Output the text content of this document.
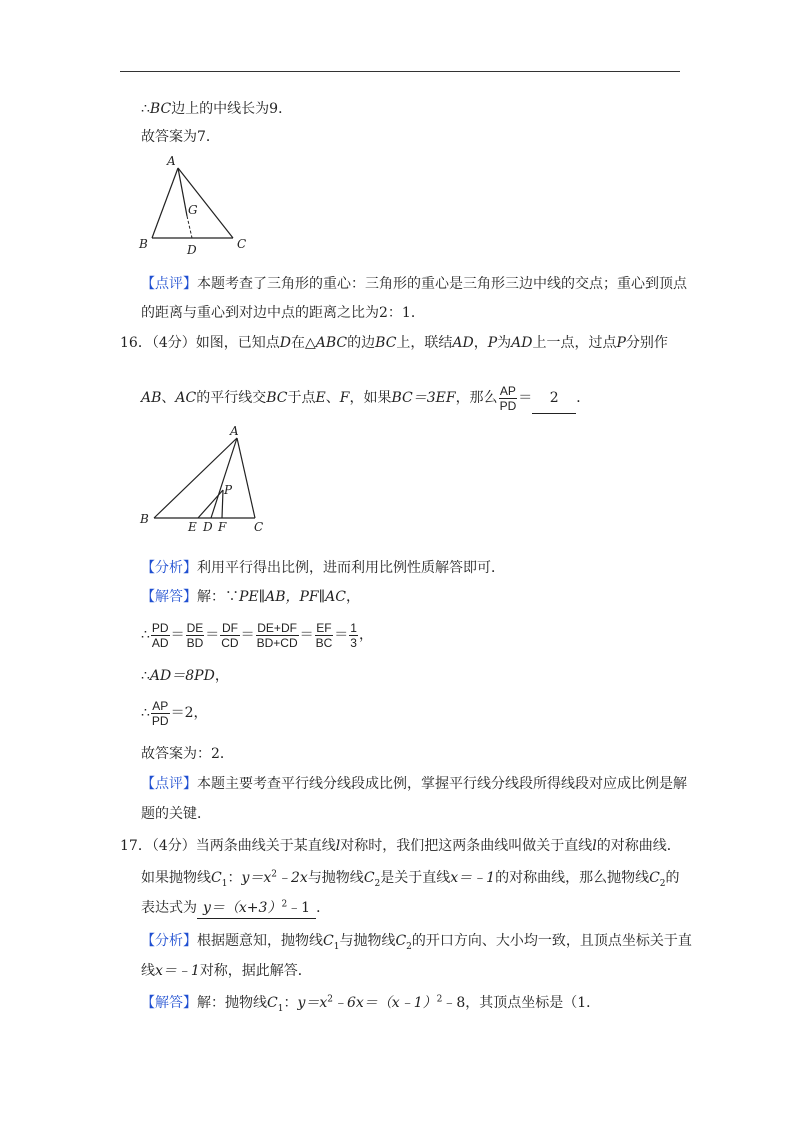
∴BC边上的中线长为9．
故答案为7．
A
G
B	D	C
【点评】本题考查了三角形的重心：三角形的重心是三角形三边中线的交点；重心到顶点
的距离与重心到对边中点的距离之比为2：1．
16．（4分）如图，已知点D在△ABC的边BC上，联结AD，P为AD上一点，过点P分别作
AB、AC的平行线交BC于点E、F，如果BC＝3EF，那么 $\frac{AP}{PD} = 2$ ．
A
P
B
E D F C
【分析】利用平行得出比例，进而利用比例性质解答即可．
【解答】解：∵PE∥AB，PF∥AC，
∴ $\frac{PD}{AD} = \frac{DE}{BD} = \frac{DF}{CD} = \frac{DE+DF}{BD+CD} = \frac{EF}{BC} = \frac{1}{3}$ ，
∴AD＝8PD，
∴ $\frac{AP}{PD} =2$，
故答案为：2．
【点评】本题主要考查平行线分线段成比例，掌握平行线分线段所得线段对应成比例是解
题的关键．
17．（4分）当两条曲线关于某直线l对称时，我们把这两条曲线叫做关于直线l的对称曲线．
如果抛物线$C_1$：$y=x^2﹣2x$与抛物线$C_2$是关于直线x＝﹣1的对称曲线，那么抛物线$C_2$的
表达式为 $y=(x+3)^2﹣1$ ．
【分析】根据题意知，抛物线$C_1$与抛物线$C_2$的开口方向、大小均一致，且顶点坐标关于直
线x＝﹣1对称，据此解答．
【解答】解：抛物线$C_1$：$y=x^2﹣6x=(x﹣1)^2﹣8$，其顶点坐标是（1．
